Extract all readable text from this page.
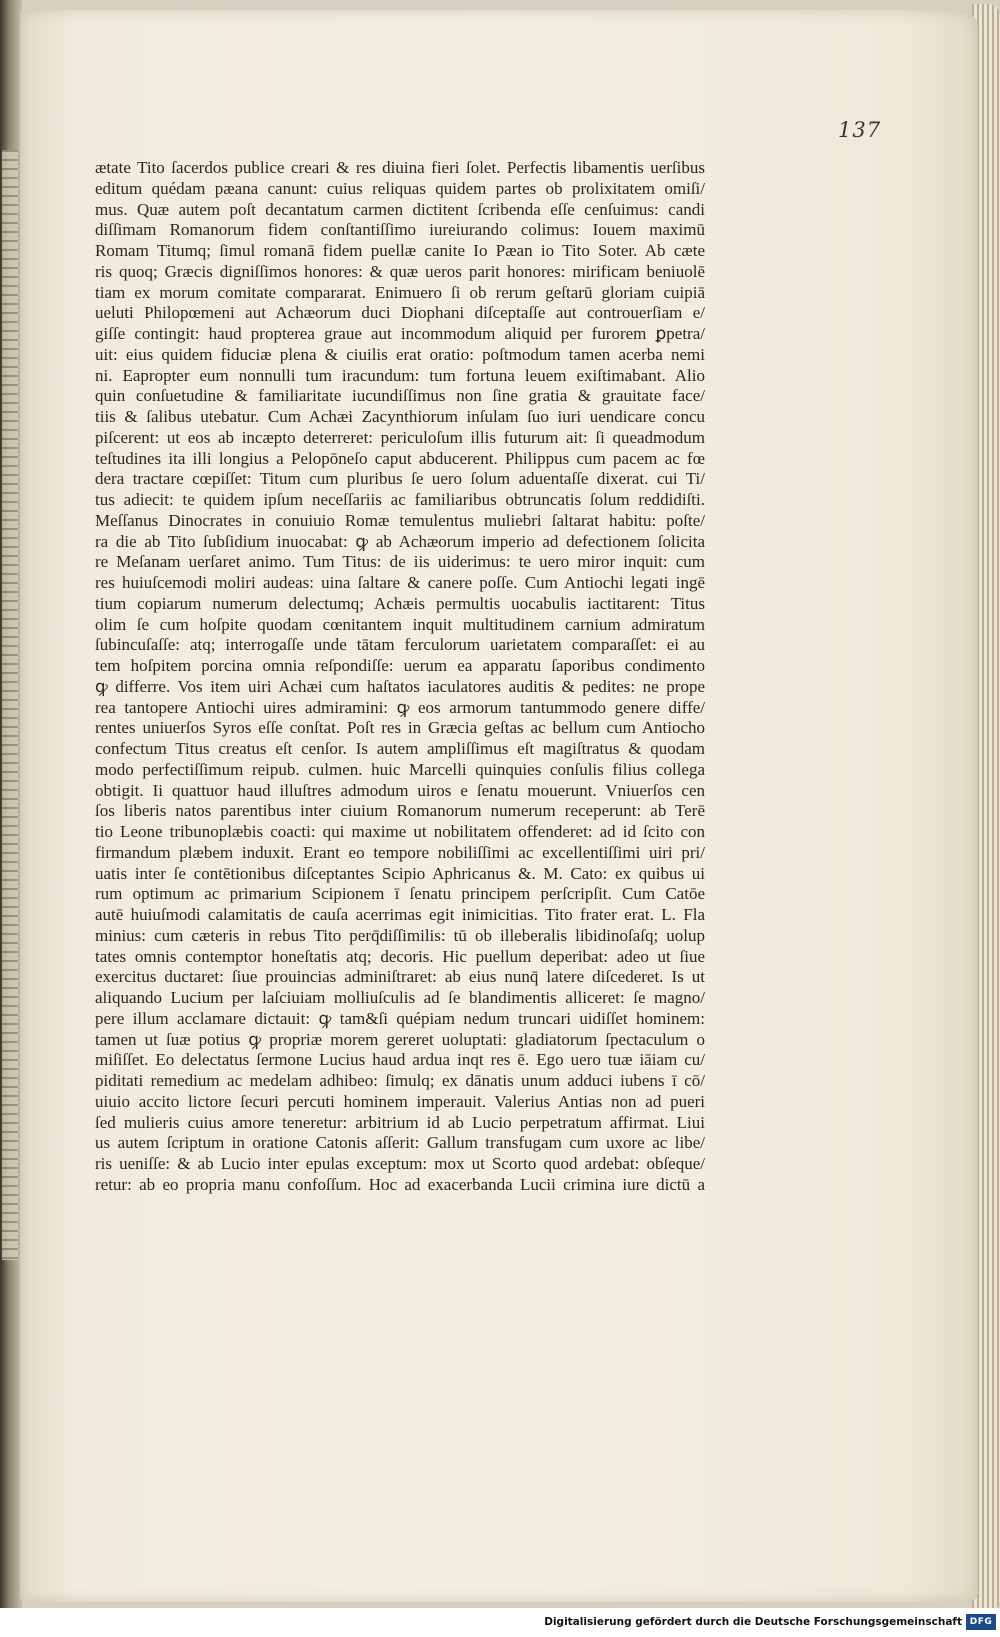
137
ætate Tito ſacerdos publice creari & res diuina fieri ſolet. Perfectis libamentis uerſibus
editum quédam pæana canunt: cuius reliquas quidem partes ob prolixitatem omiſi/
mus. Quæ autem poſt decantatum carmen dictitent ſcribenda eſſe cenſuimus: candi
diſſimam Romanorum fidem conſtantiſſimo iureiurando colimus: Iouem maximū
Romam Titumq; ſimul romanā fidem puellæ canite Io Pæan io Tito Soter. Ab cæte
ris quoq; Græcis digniſſimos honores: & quæ ueros parit honores: mirificam beniuolē
tiam ex morum comitate compararat. Enimuero ſi ob rerum geſtarū gloriam cuipiā
ueluti Philopœmeni aut Achæorum duci Diophani diſceptaſſe aut controuerſiam e/
giſſe contingit: haud propterea graue aut incommodum aliquid per furorem ꝑpetra/
uit: eius quidem fiduciæ plena & ciuilis erat oratio: poſtmodum tamen acerba nemi
ni. Eapropter eum nonnulli tum iracundum: tum fortuna leuem exiſtimabant. Alio
quin conſuetudine & familiaritate iucundiſſimus non ſine gratia & grauitate face/
tiis & ſalibus utebatur. Cum Achæi Zacynthiorum inſulam ſuo iuri uendicare concu
piſcerent: ut eos ab incæpto deterreret: periculoſum illis futurum ait: ſi queadmodum
teſtudines ita illi longius a Pelopōneſo caput abducerent. Philippus cum pacem ac fœ
dera tractare cœpiſſet: Titum cum pluribus ſe uero ſolum aduentaſſe dixerat. cui Ti/
tus adiecit: te quidem ipſum neceſſariis ac familiaribus obtruncatis ſolum reddidiſti.
Meſſanus Dinocrates in conuiuio Romæ temulentus muliebri ſaltarat habitu: poſte/
ra die ab Tito ſubſidium inuocabat: ꝙ ab Achæorum imperio ad defectionem ſolicita
re Meſanam uerſaret animo. Tum Titus: de iis uiderimus: te uero miror inquit: cum
res huiuſcemodi moliri audeas: uina ſaltare & canere poſſe. Cum Antiochi legati ingē
tium copiarum numerum delectumq; Achæis permultis uocabulis iactitarent: Titus
olim ſe cum hoſpite quodam cœnitantem inquit multitudinem carnium admiratum
ſubincuſaſſe: atq; interrogaſſe unde tātam ferculorum uarietatem comparaſſet: ei au
tem hoſpitem porcina omnia reſpondiſſe: uerum ea apparatu ſaporibus condimento
ꝙ differre. Vos item uiri Achæi cum haſtatos iaculatores auditis & pedites: ne prope
rea tantopere Antiochi uires admiramini: ꝙ eos armorum tantummodo genere diffe/
rentes uniuerſos Syros eſſe conſtat. Poſt res in Græcia geſtas ac bellum cum Antiocho
confectum Titus creatus eſt cenſor. Is autem ampliſſimus eſt magiſtratus & quodam
modo perfectiſſimum reipub. culmen. huic Marcelli quinquies conſulis filius collega
obtigit. Ii quattuor haud illuſtres admodum uiros e ſenatu mouerunt. Vniuerſos cen
ſos liberis natos parentibus inter ciuium Romanorum numerum receperunt: ab Terē
tio Leone tribunoplæbis coacti: qui maxime ut nobilitatem offenderet: ad id ſcito con
firmandum plæbem induxit. Erant eo tempore nobiliſſimi ac excellentiſſimi uiri pri/
uatis inter ſe contētionibus diſceptantes Scipio Aphricanus &. M. Cato: ex quibus ui
rum optimum ac primarium Scipionem ī ſenatu principem perſcripſit. Cum Catōe
autē huiuſmodi calamitatis de cauſa acerrimas egit inimicitias. Tito frater erat. L. Fla
minius: cum cæteris in rebus Tito perq̄diſſimilis: tū ob illeberalis libidinoſaſq; uolup
tates omnis contemptor honeſtatis atq; decoris. Hic puellum deperibat: adeo ut ſiue
exercitus ductaret: ſiue prouincias adminiſtraret: ab eius nunq̄ latere diſcederet. Is ut
aliquando Lucium per laſciuiam molliuſculis ad ſe blandimentis alliceret: ſe magno/
pere illum acclamare dictauit: ꝙ tam&ſi quépiam nedum truncari uidiſſet hominem:
tamen ut ſuæ potius ꝙ propriæ morem gereret uoluptati: gladiatorum ſpectaculum o
miſiſſet. Eo delectatus ſermone Lucius haud ardua inqt res ē. Ego uero tuæ iāiam cu/
piditati remedium ac medelam adhibeo: ſimulq; ex dānatis unum adduci iubens ī cō/
uiuio accito lictore ſecuri percuti hominem imperauit. Valerius Antias non ad pueri
ſed mulieris cuius amore teneretur: arbitrium id ab Lucio perpetratum affirmat. Liui
us autem ſcriptum in oratione Catonis aſſerit: Gallum transfugam cum uxore ac libe/
ris ueniſſe: & ab Lucio inter epulas exceptum: mox ut Scorto quod ardebat: obſeque/
retur: ab eo propria manu confoſſum. Hoc ad exacerbanda Lucii crimina iure dictū a
Digitalisierung gefördert durch die Deutsche Forschungsgemeinschaft DFG
